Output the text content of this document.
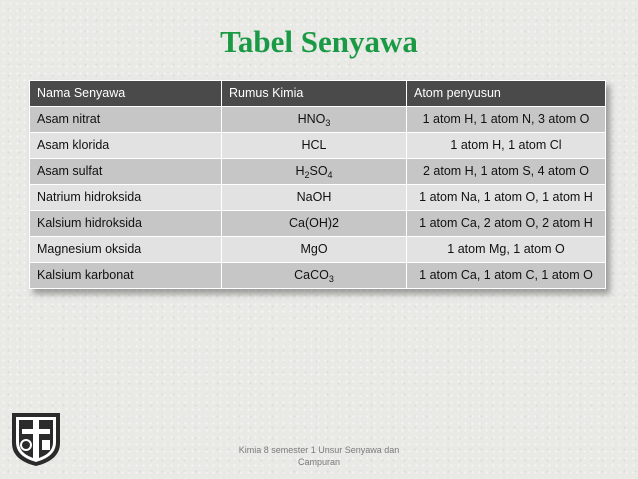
Tabel Senyawa
Nama Senyawa	Rumus Kimia	Atom penyusun
Asam nitrat	$HNO_3$	1 atom H, 1 atom N, 3 atom O
Asam klorida	HCL	1 atom H, 1 atom Cl
Asam sulfat	$H_2SO_4$	2 atom H, 1 atom S, 4 atom O
Natrium hidroksida	NaOH	1 atom Na, 1 atom O, 1 atom H
Kalsium hidroksida	Ca(OH)2	1 atom Ca, 2 atom O, 2 atom H
Magnesium oksida	MgO	1 atom Mg, 1 atom O
Kalsium karbonat	CaCO$_3$	1 atom Ca, 1 atom C, 1 atom O
Kimia 8 semester 1 Unsur Senyawa dan Campuran
